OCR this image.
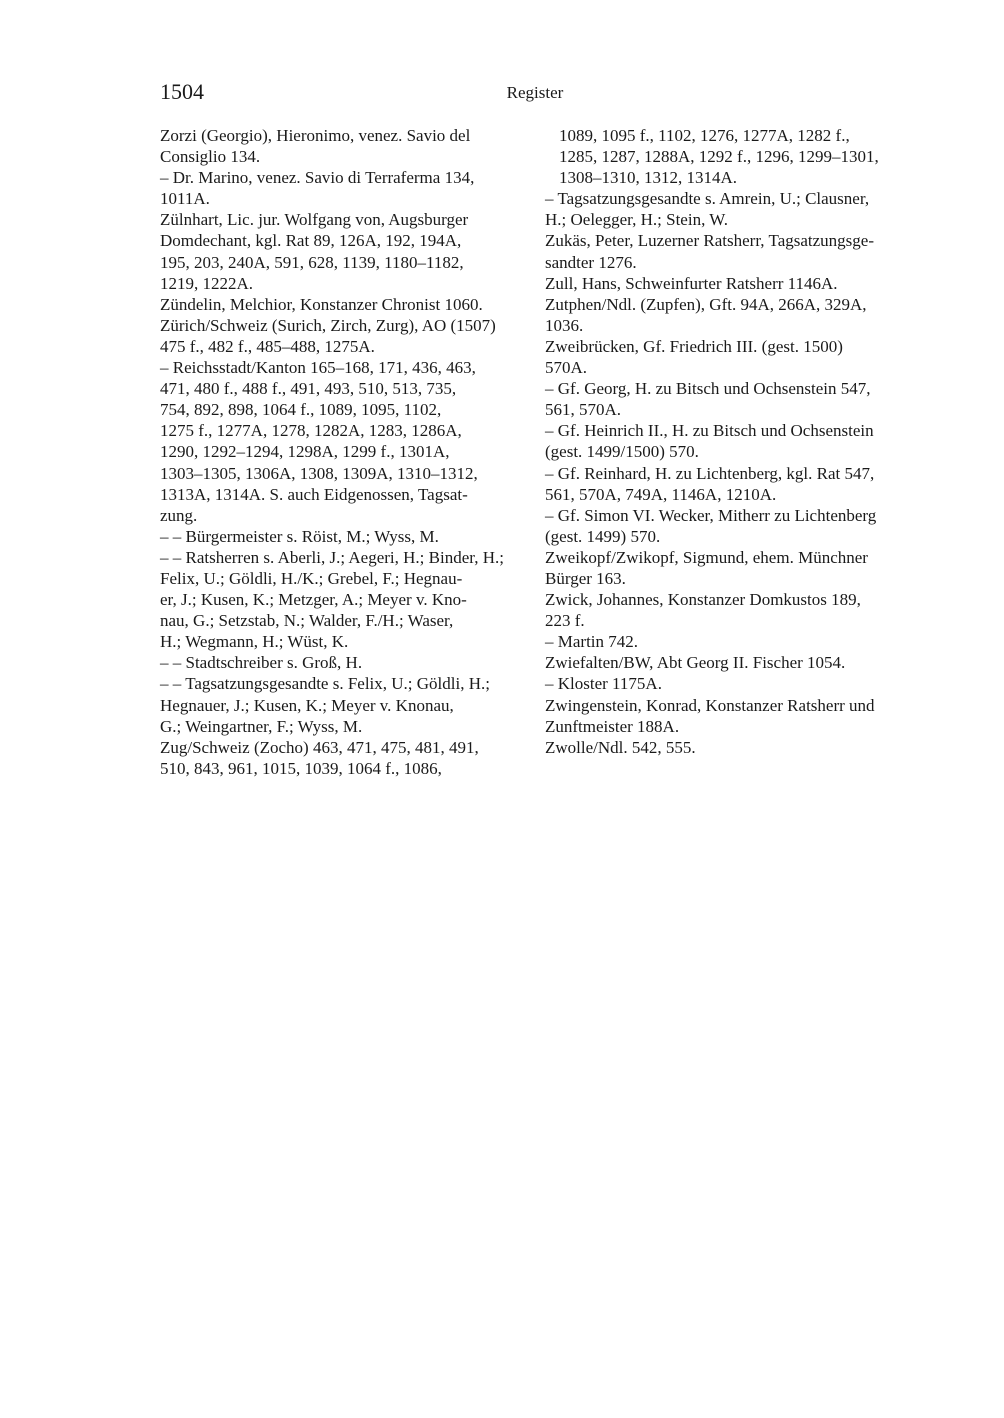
1504	Register
Zorzi (Georgio), Hieronimo, venez. Savio del
Consiglio 134.
– Dr. Marino, venez. Savio di Terraferma 134,
1011A.
Zülnhart, Lic. jur. Wolfgang von, Augsburger
Domdechant, kgl. Rat 89, 126A, 192, 194A,
195, 203, 240A, 591, 628, 1139, 1180–1182,
1219, 1222A.
Zündelin, Melchior, Konstanzer Chronist 1060.
Zürich/Schweiz (Surich, Zirch, Zurg), AO (1507)
475 f., 482 f., 485–488, 1275A.
– Reichsstadt/Kanton 165–168, 171, 436, 463,
471, 480 f., 488 f., 491, 493, 510, 513, 735,
754, 892, 898, 1064 f., 1089, 1095, 1102,
1275 f., 1277A, 1278, 1282A, 1283, 1286A,
1290, 1292–1294, 1298A, 1299 f., 1301A,
1303–1305, 1306A, 1308, 1309A, 1310–1312,
1313A, 1314A. S. auch Eidgenossen, Tagsat-
zung.
– – Bürgermeister s. Röist, M.; Wyss, M.
– – Ratsherren s. Aberli, J.; Aegeri, H.; Binder, H.;
Felix, U.; Göldli, H./K.; Grebel, F.; Hegnau-
er, J.; Kusen, K.; Metzger, A.; Meyer v. Kno-
nau, G.; Setzstab, N.; Walder, F./H.; Waser,
H.; Wegmann, H.; Wüst, K.
– – Stadtschreiber s. Groß, H.
– – Tagsatzungsgesandte s. Felix, U.; Göldli, H.;
Hegnauer, J.; Kusen, K.; Meyer v. Knonau,
G.; Weingartner, F.; Wyss, M.
Zug/Schweiz (Zocho) 463, 471, 475, 481, 491,
510, 843, 961, 1015, 1039, 1064 f., 1086,
1089, 1095 f., 1102, 1276, 1277A, 1282 f.,
1285, 1287, 1288A, 1292 f., 1296, 1299–1301,
1308–1310, 1312, 1314A.
– Tagsatzungsgesandte s. Amrein, U.; Clausner,
H.; Oelegger, H.; Stein, W.
Zukäs, Peter, Luzerner Ratsherr, Tagsatzungsge-
sandter 1276.
Zull, Hans, Schweinfurter Ratsherr 1146A.
Zutphen/Ndl. (Zupfen), Gft. 94A, 266A, 329A,
1036.
Zweibrücken, Gf. Friedrich III. (gest. 1500)
570A.
– Gf. Georg, H. zu Bitsch und Ochsenstein 547,
561, 570A.
– Gf. Heinrich II., H. zu Bitsch und Ochsenstein
(gest. 1499/1500) 570.
– Gf. Reinhard, H. zu Lichtenberg, kgl. Rat 547,
561, 570A, 749A, 1146A, 1210A.
– Gf. Simon VI. Wecker, Mitherr zu Lichtenberg
(gest. 1499) 570.
Zweikopf/Zwikopf, Sigmund, ehem. Münchner
Bürger 163.
Zwick, Johannes, Konstanzer Domkustos 189,
223 f.
– Martin 742.
Zwiefalten/BW, Abt Georg II. Fischer 1054.
– Kloster 1175A.
Zwingenstein, Konrad, Konstanzer Ratsherr und
Zunftmeister 188A.
Zwolle/Ndl. 542, 555.
